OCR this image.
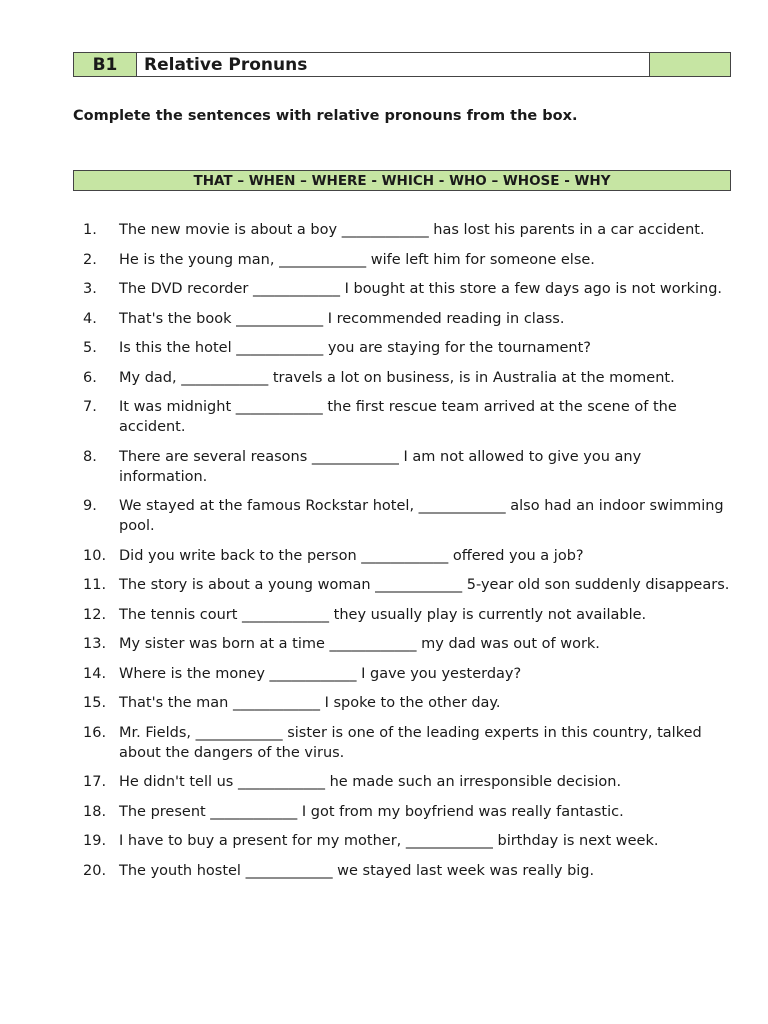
B1	Relative Pronuns
Complete the sentences with relative pronouns from the box.
THAT – WHEN – WHERE - WHICH - WHO – WHOSE - WHY
1.	The new movie is about a boy ____________ has lost his parents in a car accident.
2.	He is the young man, ____________ wife left him for someone else.
3.	The DVD recorder ____________ I bought at this store a few days ago is not working.
4.	That's the book ____________ I recommended reading in class.
5.	Is this the hotel ____________ you are staying for the tournament?
6.	My dad, ____________ travels a lot on business, is in Australia at the moment.
7.	It was midnight ____________ the first rescue team arrived at the scene of the accident.
8.	There are several reasons ____________ I am not allowed to give you any information.
9.	We stayed at the famous Rockstar hotel, ____________ also had an indoor swimming pool.
10. Did you write back to the person ____________ offered you a job?
11. The story is about a young woman ____________ 5-year old son suddenly disappears.
12. The tennis court ____________ they usually play is currently not available.
13. My sister was born at a time ____________ my dad was out of work.
14. Where is the money ____________ I gave you yesterday?
15. That's the man ____________ I spoke to the other day.
16. Mr. Fields, ____________ sister is one of the leading experts in this country, talked about the dangers of the virus.
17. He didn't tell us ____________ he made such an irresponsible decision.
18. The present ____________ I got from my boyfriend was really fantastic.
19. I have to buy a present for my mother, ____________ birthday is next week.
20. The youth hostel ____________ we stayed last week was really big.
